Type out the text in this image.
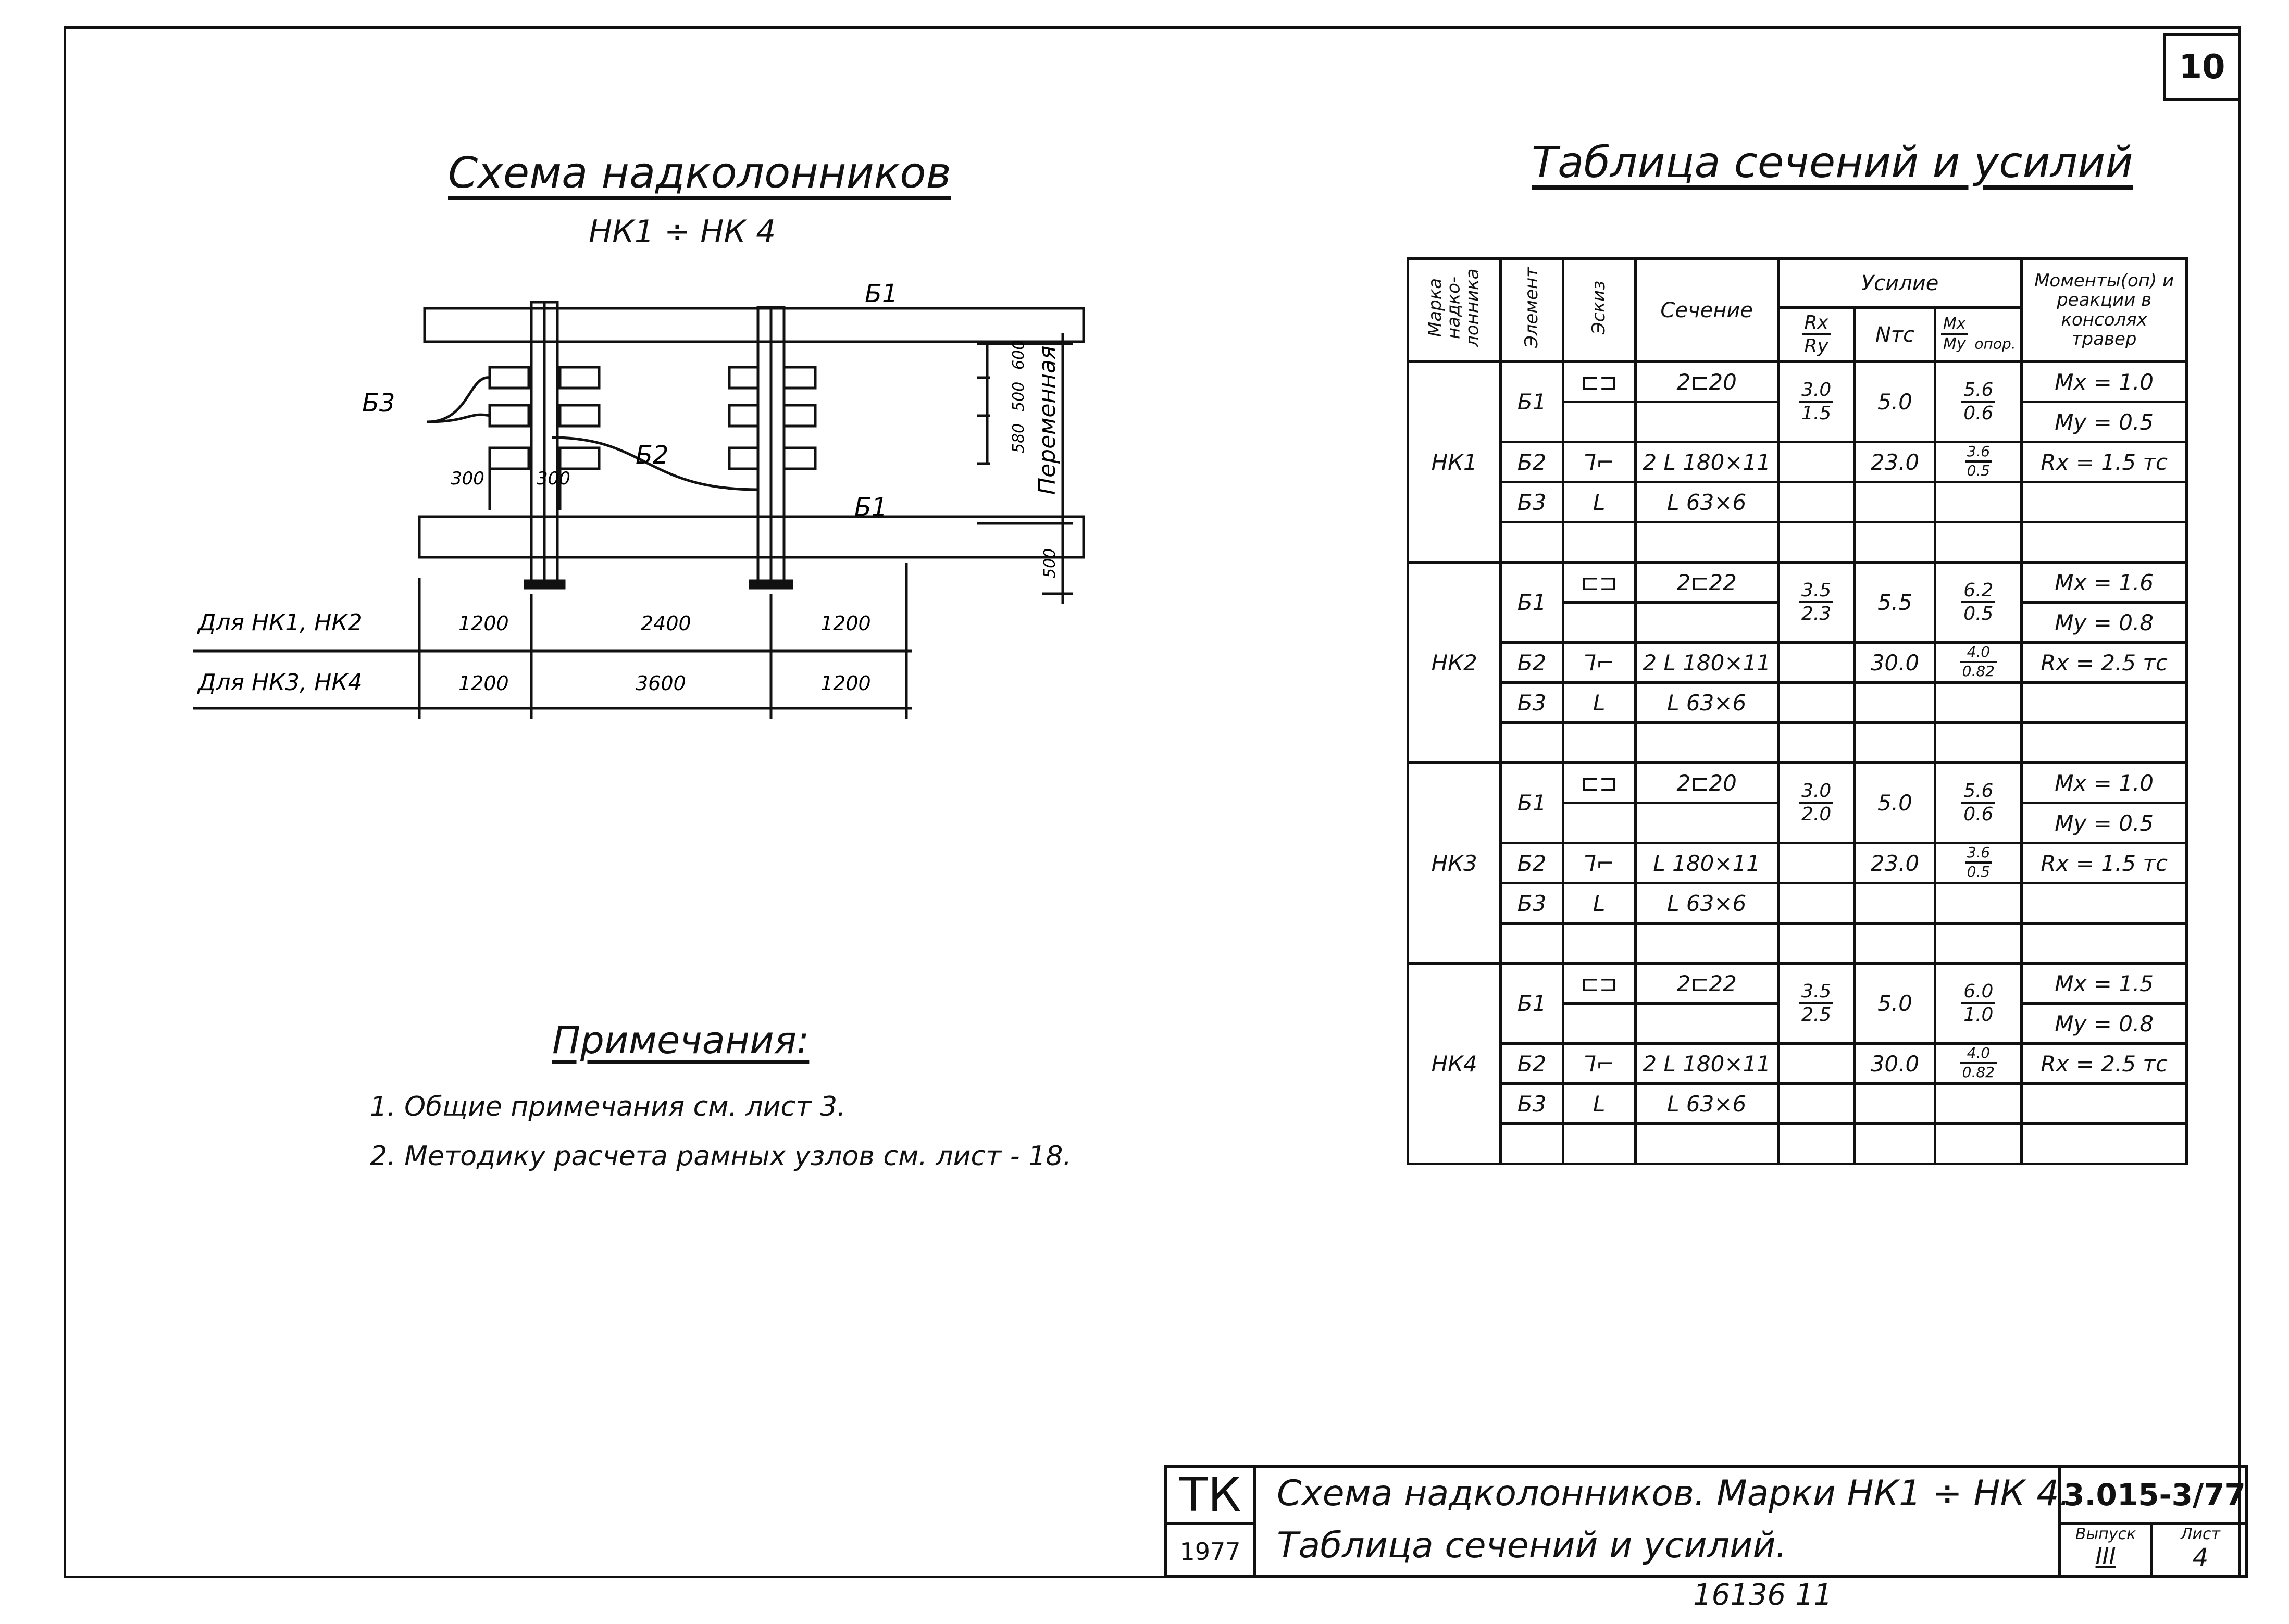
10
Схема надколонников
НК1 ÷ НК 4
Б1
Б1
Б2
Б3
300	300
600
500
580 Переменная
500
Для НК1, НК2	1200	2400	1200
Для НК3, НК4	1200	3600	1200
Примечания:
1. Общие примечания см. лист 3.
2. Методику расчета рамных узлов см. лист - 18.
Таблица сечений и усилий
Марка надко- лонника	Элемент	Эскиз	Сечение	Усилие			Моменты(оп) и реакции в консолях травер

				$\frac{Rx}{Ry}$	Nтс	$\frac{Mx}{My}$ опор.	
НК1	Б1	⊏⊐	2⊏20	$\frac{3.0}{1.5}$	5.0	$\frac{5.6}{0.6}$	Mx = 1.0
							My = 0.5
	Б2	⅂⌐	2 L 180×11		23.0	$\frac{3.6}{0.5}$	Rx = 1.5 тс
	Б3	L	L 63×6				

НК2	Б1	⊏⊐	2⊏22	$\frac{3.5}{2.3}$	5.5	$\frac{6.2}{0.5}$	Mx = 1.6
							My = 0.8
	Б2	⅂⌐	2 L 180×11		30.0	$\frac{4.0}{0.82}$	Rx = 2.5 тс
	Б3	L	L 63×6				

НК3	Б1	⊏⊐	2⊏20	$\frac{3.0}{2.0}$	5.0	$\frac{5.6}{0.6}$	Mx = 1.0
							My = 0.5
	Б2	⅂⌐	L 180×11		23.0	$\frac{3.6}{0.5}$	Rx = 1.5 тс
	Б3	L	L 63×6				

НК4	Б1	⊏⊐	2⊏22	$\frac{3.5}{2.5}$	5.0	$\frac{6.0}{1.0}$	Mx = 1.5
							My = 0.8
	Б2	⅂⌐	2 L 180×11		30.0	$\frac{4.0}{0.82}$	Rx = 2.5 тс
	Б3	L	L 63×6				

ТК
1977
Схема надколонников. Марки НК1 ÷ НК 4.
Таблица сечений и усилий.
3.015-3/77
Выпуск
III
Лист
4
16136 11
